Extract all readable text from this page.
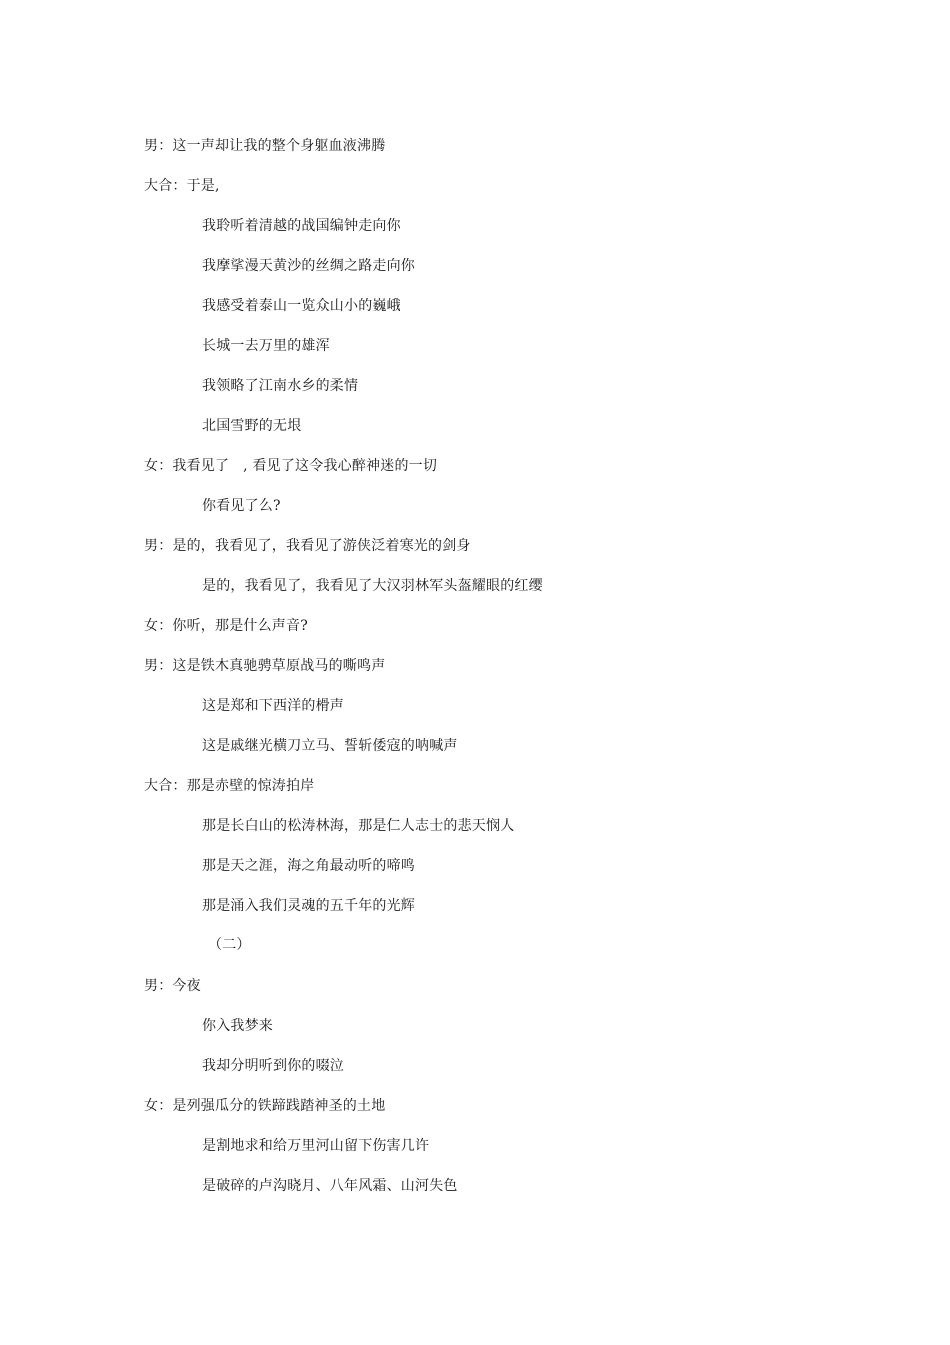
男：这一声却让我的整个身躯血液沸腾
大合：于是,
我聆听着清越的战国编钟走向你
我摩挲漫天黄沙的丝绸之路走向你
我感受着泰山一览众山小的巍峨
长城一去万里的雄浑
我领略了江南水乡的柔情
北国雪野的无垠
女：我看见了   , 看见了这令我心醉神迷的一切
你看见了么?
男：是的，我看见了，我看见了游侠泛着寒光的剑身
是的，我看见了，我看见了大汉羽林军头盔耀眼的红缨
女：你听，那是什么声音?
男：这是铁木真驰骋草原战马的嘶鸣声
这是郑和下西洋的榾声
这是戚继光横刀立马、誓斩倭寇的呐喊声
大合：那是赤壁的惊涛拍岸
那是长白山的松涛林海，那是仁人志士的悲天悯人
那是天之涯，海之角最动听的啼鸣
那是涌入我们灵魂的五千年的光辉
（二）
男：今夜
你入我梦来
我却分明听到你的啜泣
女：是列强瓜分的铁蹄践踏神圣的土地
是割地求和给万里河山留下伤害几许
是破碎的卢沟晓月、八年风霜、山河失色
